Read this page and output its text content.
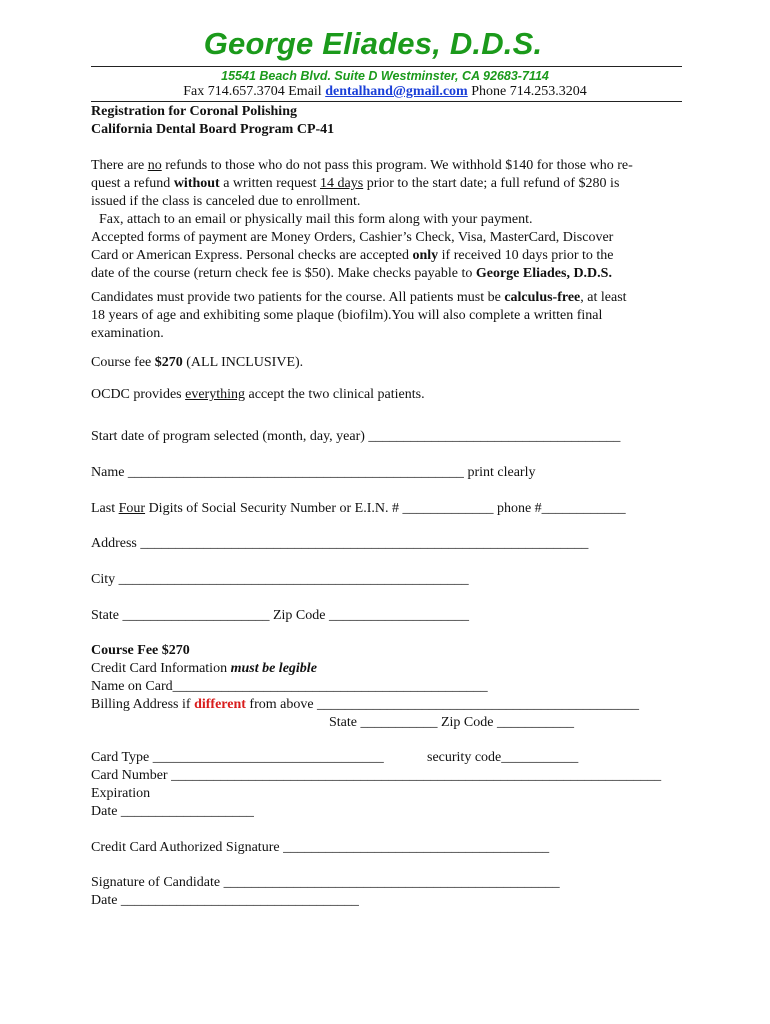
George Eliades, D.D.S.
15541 Beach Blvd. Suite D Westminster, CA 92683-7114
Fax 714.657.3704 Email dentalhand@gmail.com Phone 714.253.3204
Registration for Coronal Polishing
California Dental Board Program CP-41
There are no refunds to those who do not pass this program. We withhold $140 for those who re-
quest a refund without a written request 14 days prior to the start date; a full refund of $280 is
issued if the class is canceled due to enrollment.
Fax, attach to an email or physically mail this form along with your payment.
Accepted forms of payment are Money Orders, Cashier’s Check, Visa, MasterCard, Discover
Card or American Express. Personal checks are accepted only if received 10 days prior to the
date of the course (return check fee is $50). Make checks payable to George Eliades, D.D.S.
Candidates must provide two patients for the course. All patients must be calculus-free, at least
18 years of age and exhibiting some plaque (biofilm).You will also complete a written final
examination.
Course fee $270 (ALL INCLUSIVE).
OCDC provides everything accept the two clinical patients.
Start date of program selected (month, day, year) ____________________________________
Name ________________________________________________ print clearly
Last Four Digits of Social Security Number or E.I.N. # _____________ phone #____________
Address ________________________________________________________________
City __________________________________________________
State _____________________ Zip Code ____________________
Course Fee $270
Credit Card Information must be legible
Name on Card_____________________________________________
Billing Address if different from above ______________________________________________
State ___________ Zip Code ___________
Card Type _________________________________	security code___________
Card Number ______________________________________________________________________
Expiration
Date ___________________
Credit Card Authorized Signature ______________________________________
Signature of Candidate ________________________________________________
Date __________________________________
